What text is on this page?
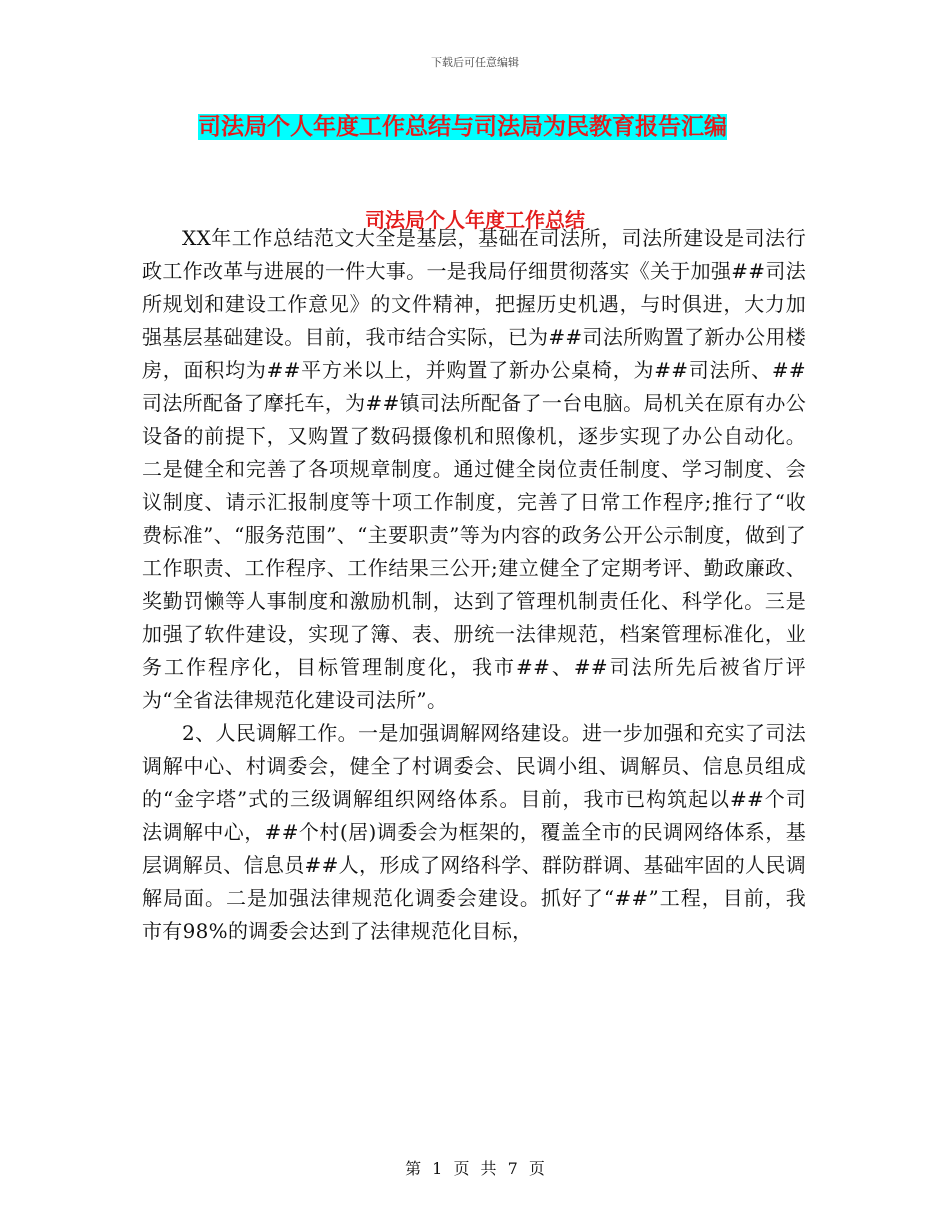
下载后可任意编辑
司法局个人年度工作总结与司法局为民教育报告汇编
司法局个人年度工作总结

XX年工作总结范文大全是基层，基础在司法所，司法所建设是司法行政工作改革与进展的一件大事。一是我局仔细贯彻落实《关于加强##司法所规划和建设工作意见》的文件精神，把握历史机遇，与时俱进，大力加强基层基础建设。目前，我市结合实际，已为##司法所购置了新办公用楼房，面积均为##平方米以上，并购置了新办公桌椅，为##司法所、##司法所配备了摩托车，为##镇司法所配备了一台电脑。局机关在原有办公设备的前提下，又购置了数码摄像机和照像机，逐步实现了办公自动化。二是健全和完善了各项规章制度。通过健全岗位责任制度、学习制度、会议制度、请示汇报制度等十项工作制度，完善了日常工作程序;推行了“收费标准”、“服务范围”、“主要职责”等为内容的政务公开公示制度，做到了工作职责、工作程序、工作结果三公开;建立健全了定期考评、勤政廉政、奖勤罚懒等人事制度和激励机制，达到了管理机制责任化、科学化。三是加强了软件建设，实现了簿、表、册统一法律规范，档案管理标准化，业务工作程序化，目标管理制度化，我市##、##司法所先后被省厅评为“全省法律规范化建设司法所”。

2、人民调解工作。一是加强调解网络建设。进一步加强和充实了司法调解中心、村调委会，健全了村调委会、民调小组、调解员、信息员组成的“金字塔”式的三级调解组织网络体系。目前，我市已构筑起以##个司法调解中心，##个村(居)调委会为框架的，覆盖全市的民调网络体系，基层调解员、信息员##人，形成了网络科学、群防群调、基础牢固的人民调解局面。二是加强法律规范化调委会建设。抓好了“##”工程，目前，我市有98%的调委会达到了法律规范化目标，

第 1 页 共 7 页
